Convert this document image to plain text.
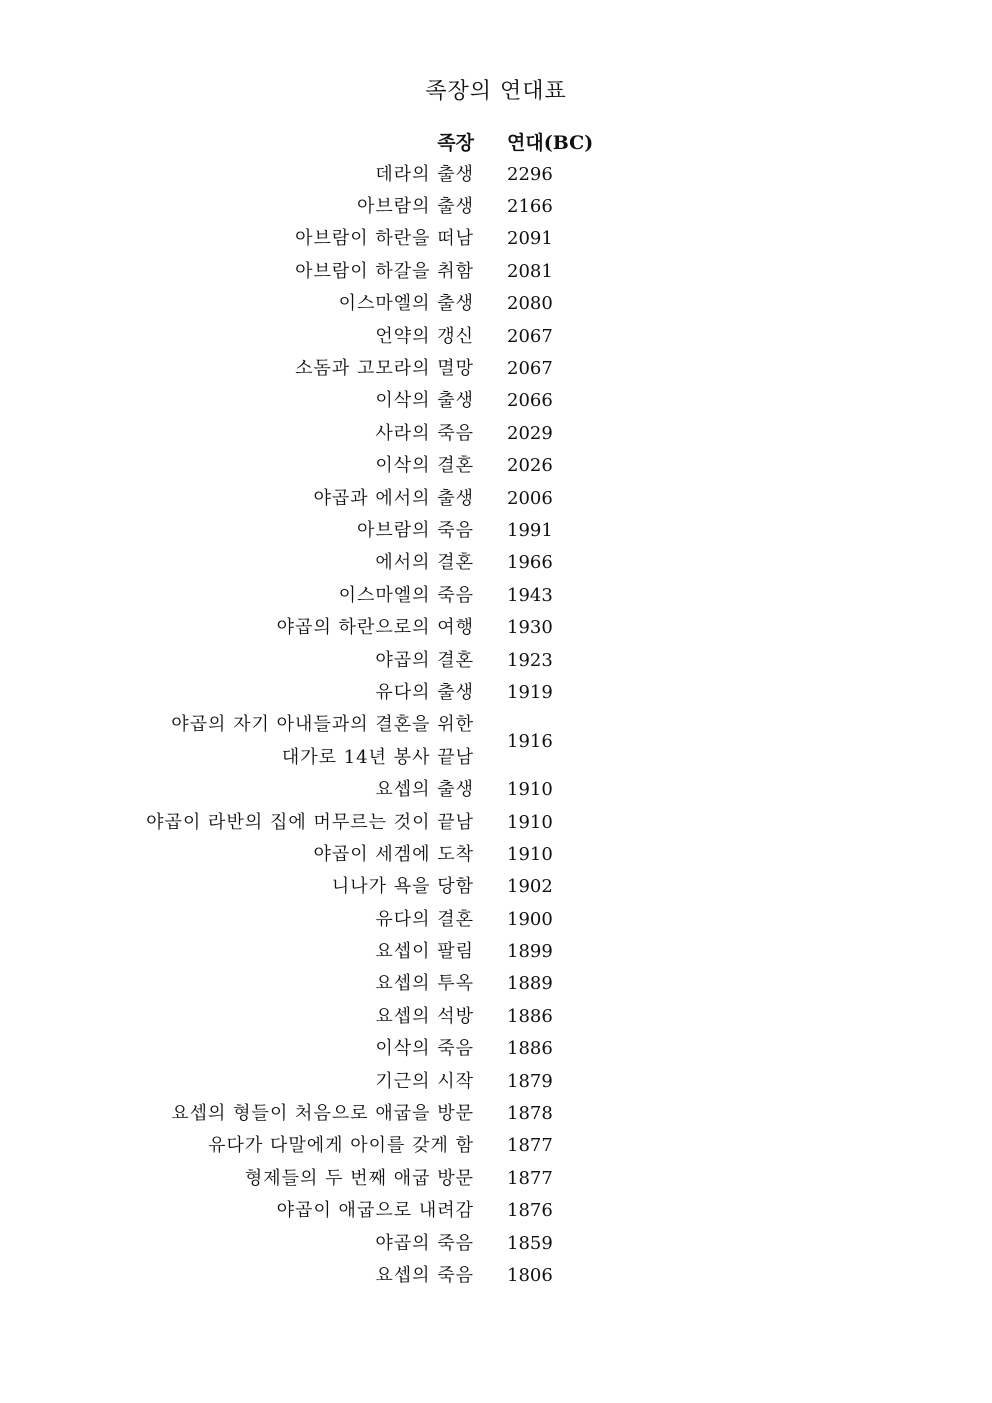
족장의 연대표
족장 연대(BC)
데라의 출생 2296
아브람의 출생 2166
아브람이 하란을 떠남 2091
아브람이 하갈을 취함 2081
이스마엘의 출생 2080
언약의 갱신 2067
소돔과 고모라의 멸망 2067
이삭의 출생 2066
사라의 죽음 2029
이삭의 결혼 2026
야곱과 에서의 출생 2006
아브람의 죽음 1991
에서의 결혼 1966
이스마엘의 죽음 1943
야곱의 하란으로의 여행 1930
야곱의 결혼 1923
유다의 출생 1919
야곱의 자기 아내들과의 결혼을 위한
대가로 14년 봉사 끝남
1916
요셉의 출생 1910
야곱이 라반의 집에 머무르는 것이 끝남 1910
야곱이 세겜에 도착 1910
니나가 욕을 당함 1902
유다의 결혼 1900
요셉이 팔림 1899
요셉의 투옥 1889
요셉의 석방 1886
이삭의 죽음 1886
기근의 시작 1879
요셉의 형들이 처음으로 애굽을 방문 1878
유다가 다말에게 아이를 갖게 함 1877
형제들의 두 번째 애굽 방문 1877
야곱이 애굽으로 내려감 1876
야곱의 죽음 1859
요셉의 죽음 1806
